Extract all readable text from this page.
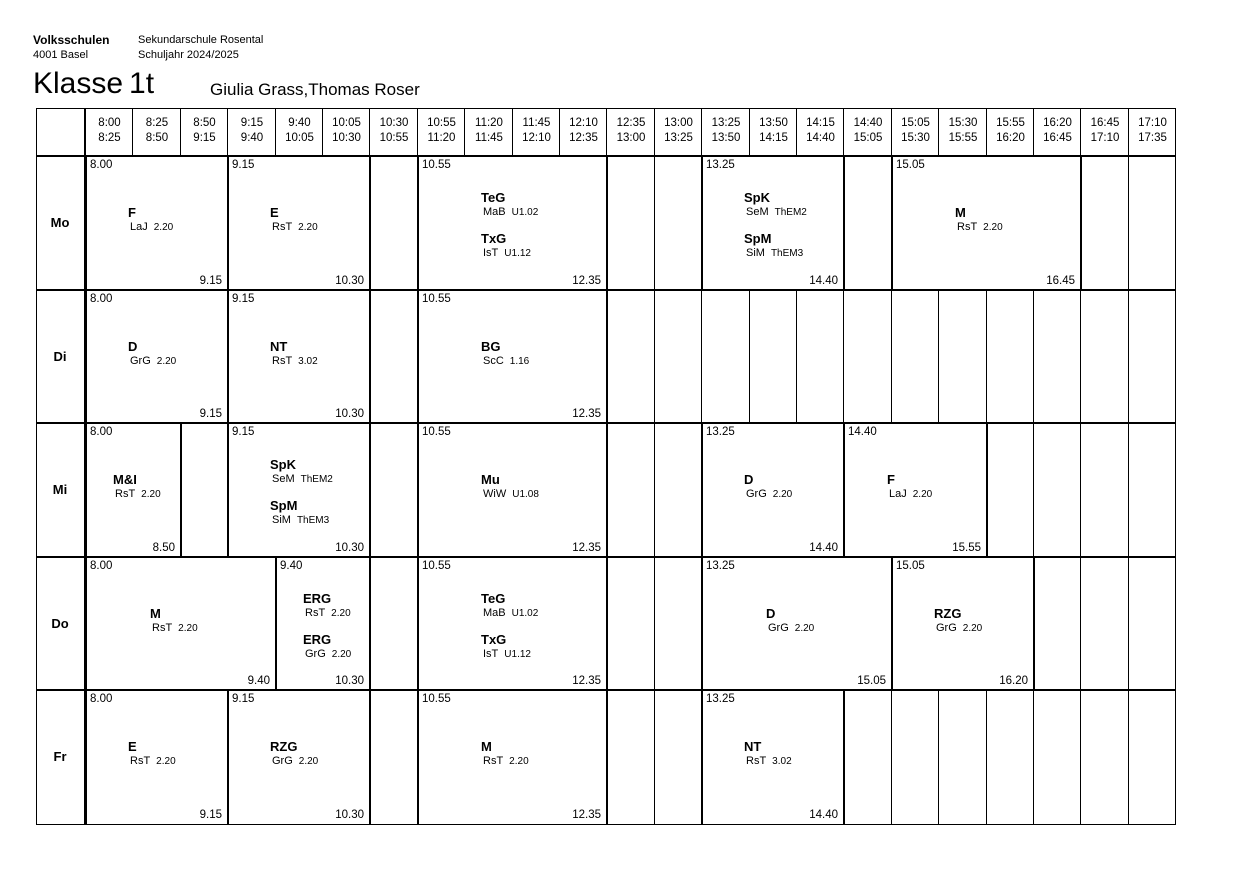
Volksschulen
4001 Basel
Sekundarschule Rosental
Schuljahr 2024/2025
Klasse 1t	Giulia Grass,Thomas Roser
8:00
8:25
8:25
8:50
8:50
9:15
9:15
9:40
9:40
10:05
10:05
10:30
10:30
10:55
10:55
11:20
11:20
11:45
11:45
12:10
12:10
12:35
12:35
13:00
13:00
13:25
13:25
13:50
13:50
14:15
14:15
14:40
14:40
15:05
15:05
15:30
15:30
15:55
15:55
16:20
16:20
16:45
16:45
17:10
17:10
17:35
Mo
Di
Mi
Do
Fr
8.00
9.15
F
LaJ 2.20
9.15
10.30
E
RsT 2.20
10.55
12.35
TeG
MaB U1.02
TxG
IsT U1.12
13.25
14.40
SpK
SeM ThEM2
SpM
SiM ThEM3
15.05
16.45
M
RsT 2.20
8.00
9.15
D
GrG 2.20
9.15
10.30
NT
RsT 3.02
10.55
12.35
BG
ScC 1.16
8.00
8.50
M&I
RsT 2.20
9.15
10.30
SpK
SeM ThEM2
SpM
SiM ThEM3
10.55
12.35
Mu
WiW U1.08
13.25
14.40
D
GrG 2.20
14.40
15.55
F
LaJ 2.20
8.00
9.40
M
RsT 2.20
9.40
10.30
ERG
RsT 2.20
ERG
GrG 2.20
10.55
12.35
TeG
MaB U1.02
TxG
IsT U1.12
13.25
15.05
D
GrG 2.20
15.05
16.20
RZG
GrG 2.20
8.00
9.15
E
RsT 2.20
9.15
10.30
RZG
GrG 2.20
10.55
12.35
M
RsT 2.20
13.25
14.40
NT
RsT 3.02
